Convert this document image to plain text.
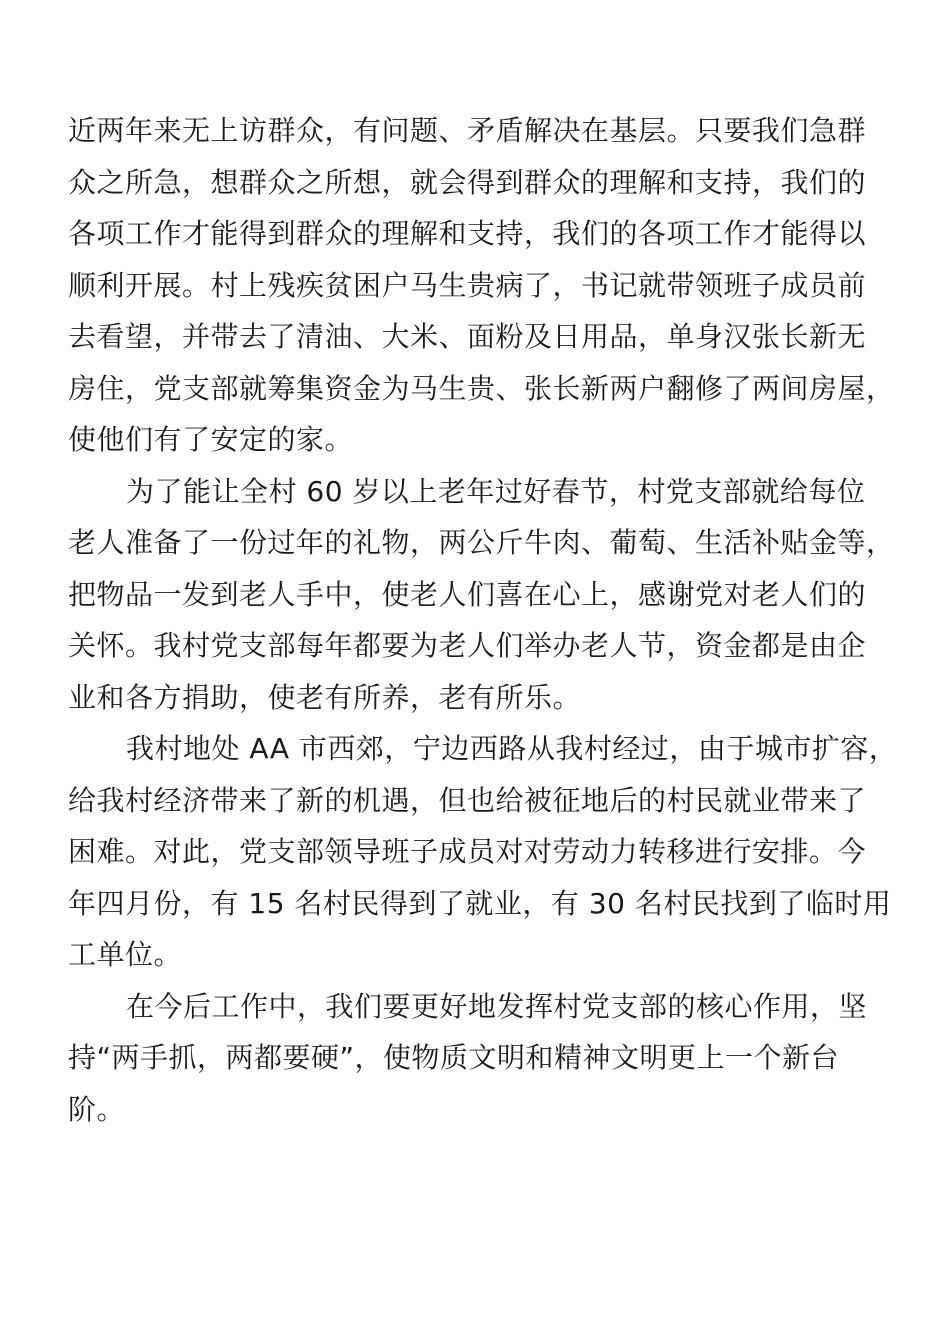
近两年来无上访群众，有问题、矛盾解决在基层。只要我们急群
众之所急，想群众之所想，就会得到群众的理解和支持，我们的
各项工作才能得到群众的理解和支持，我们的各项工作才能得以
顺利开展。村上残疾贫困户马生贵病了，书记就带领班子成员前
去看望，并带去了清油、大米、面粉及日用品，单身汉张长新无
房住，党支部就筹集资金为马生贵、张长新两户翻修了两间房屋，
使他们有了安定的家。

为了能让全村 60 岁以上老年过好春节，村党支部就给每位
老人准备了一份过年的礼物，两公斤牛肉、葡萄、生活补贴金等，
把物品一发到老人手中，使老人们喜在心上，感谢党对老人们的
关怀。我村党支部每年都要为老人们举办老人节，资金都是由企
业和各方捐助，使老有所养，老有所乐。

我村地处 AA 市西郊，宁边西路从我村经过，由于城市扩容，
给我村经济带来了新的机遇，但也给被征地后的村民就业带来了
困难。对此，党支部领导班子成员对对劳动力转移进行安排。今
年四月份，有 15 名村民得到了就业，有 30 名村民找到了临时用
工单位。

在今后工作中，我们要更好地发挥村党支部的核心作用，坚
持“两手抓，两都要硬”，使物质文明和精神文明更上一个新台
阶。
